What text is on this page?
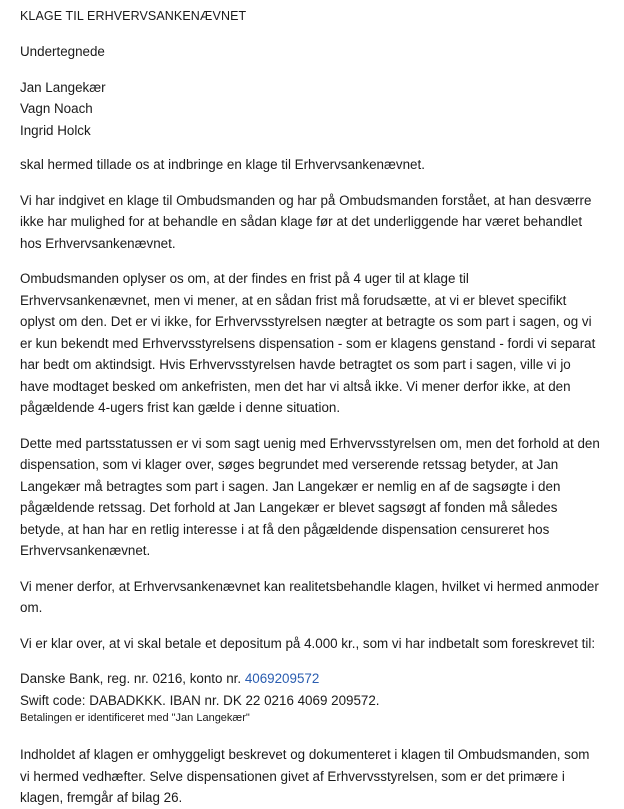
KLAGE TIL ERHVERVSANKENÆVNET

Undertegnede

Jan Langekær
Vagn Noach
Ingrid Holck

skal hermed tillade os at indbringe en klage til Erhvervsankenævnet.

Vi har indgivet en klage til Ombudsmanden og har på Ombudsmanden forstået, at han desværre ikke har mulighed for at behandle en sådan klage før at det underliggende har været behandlet hos Erhvervsankenævnet.

Ombudsmanden oplyser os om, at der findes en frist på 4 uger til at klage til Erhvervsankenævnet, men vi mener, at en sådan frist må forudsætte, at vi er blevet specifikt oplyst om den. Det er vi ikke, for Erhvervsstyrelsen nægter at betragte os som part i sagen, og vi er kun bekendt med Erhvervsstyrelsens dispensation - som er klagens genstand - fordi vi separat har bedt om aktindsigt. Hvis Erhvervsstyrelsen havde betragtet os som part i sagen, ville vi jo have modtaget besked om ankefristen, men det har vi altså ikke. Vi mener derfor ikke, at den pågældende 4-ugers frist kan gælde i denne situation.

Dette med partsstatussen er vi som sagt uenig med Erhvervsstyrelsen om, men det forhold at den dispensation, som vi klager over, søges begrundet med verserende retssag betyder, at Jan Langekær må betragtes som part i sagen. Jan Langekær er nemlig en af de sagsøgte i den pågældende retssag. Det forhold at Jan Langekær er blevet sagsøgt af fonden må således betyde, at han har en retlig interesse i at få den pågældende dispensation censureret hos Erhvervsankenævnet.

Vi mener derfor, at Erhvervsankenævnet kan realitetsbehandle klagen, hvilket vi hermed anmoder om.

Vi er klar over, at vi skal betale et depositum på 4.000 kr., som vi har indbetalt som foreskrevet til:

Danske Bank, reg. nr. 0216, konto nr. 4069209572

Swift code: DABADKKK. IBAN nr. DK 22 0216 4069 209572.

Betalingen er identificeret med "Jan Langekær"

Indholdet af klagen er omhyggeligt beskrevet og dokumenteret i klagen til Ombudsmanden, som vi hermed vedhæfter. Selve dispensationen givet af Erhvervsstyrelsen, som er det primære i klagen, fremgår af bilag 26.
